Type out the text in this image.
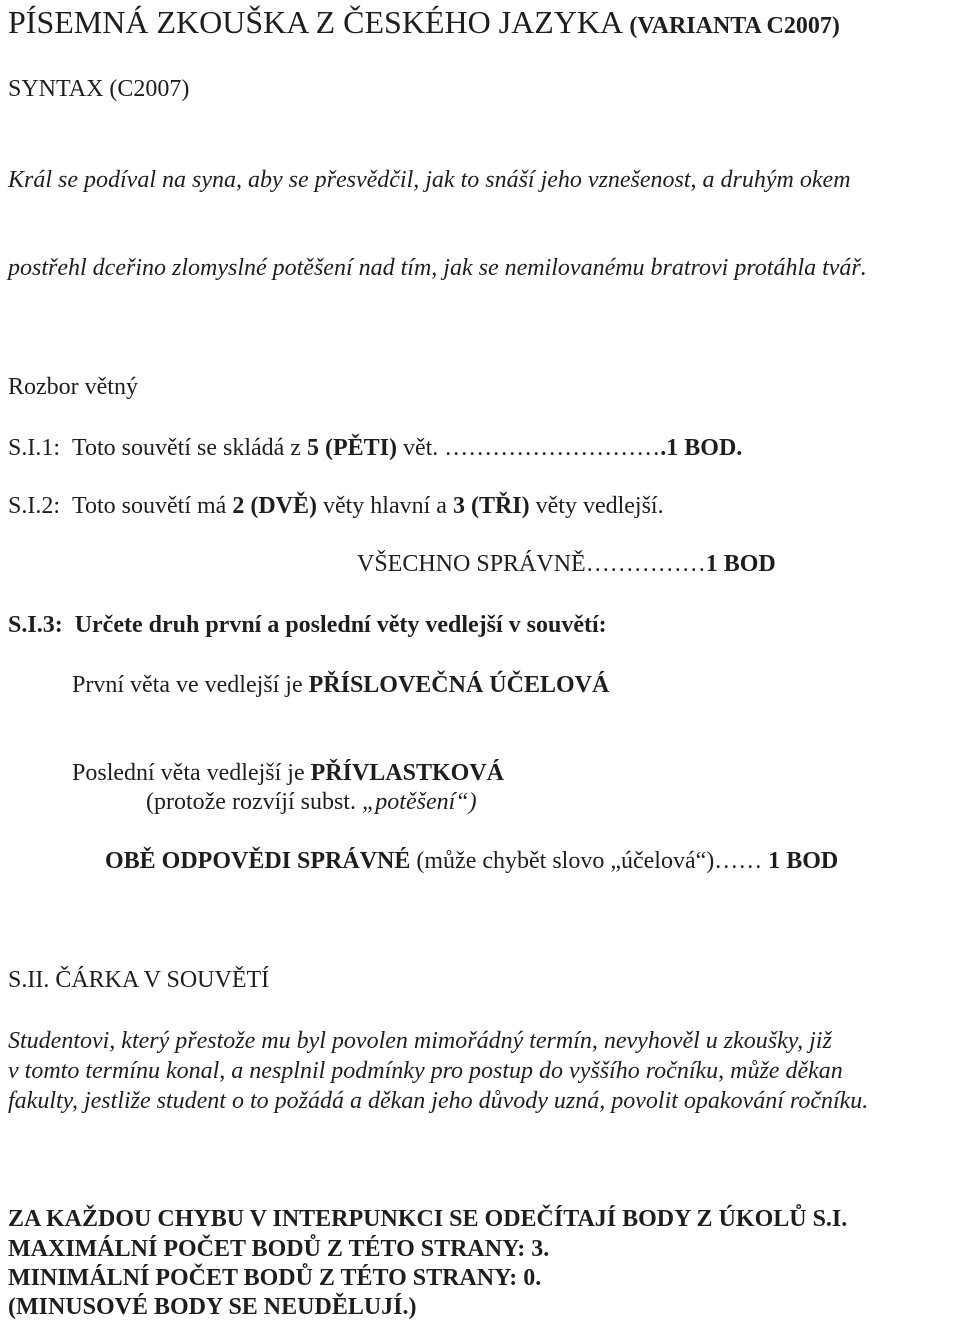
PÍSEMNÁ ZKOUŠKA Z ČESKÉHO JAZYKA (VARIANTA C2007)
SYNTAX (C2007)
Král se podíval na syna, aby se přesvědčil, jak to snáší jeho vznešenost, a druhým okem
postřehl dceřino zlomyslné potěšení nad tím, jak se nemilovanému bratrovi protáhla tvář.
Rozbor větný
S.I.1: Toto souvětí se skládá z 5 (PĚTI) vět. ……………………….1 BOD.
S.I.2: Toto souvětí má 2 (DVĚ) věty hlavní a 3 (TŘI) věty vedlejší.
VŠECHNO SPRÁVNĚ……………1 BOD
S.I.3: Určete druh první a poslední věty vedlejší v souvětí:
První věta ve vedlejší je PŘÍSLOVEČNÁ ÚČELOVÁ
Poslední věta vedlejší je PŘÍVLASTKOVÁ
(protože rozvíjí subst. „potěšení“)
OBĚ ODPOVĚDI SPRÁVNÉ (může chybět slovo „účelová“)…… 1 BOD
S.II. ČÁRKA V SOUVĚTÍ
Studentovi, který přestože mu byl povolen mimořádný termín, nevyhověl u zkoušky, již
v tomto termínu konal, a nesplnil podmínky pro postup do vyššího ročníku, může děkan
fakulty, jestliže student o to požádá a děkan jeho důvody uzná, povolit opakování ročníku.
ZA KAŽDOU CHYBU V INTERPUNKCI SE ODEČÍTAJÍ BODY Z ÚKOLŮ S.I.
MAXIMÁLNÍ POČET BODŮ Z TÉTO STRANY: 3.
MINIMÁLNÍ POČET BODŮ Z TÉTO STRANY: 0.
(MINUSOVÉ BODY SE NEUDĚLUJÍ.)
